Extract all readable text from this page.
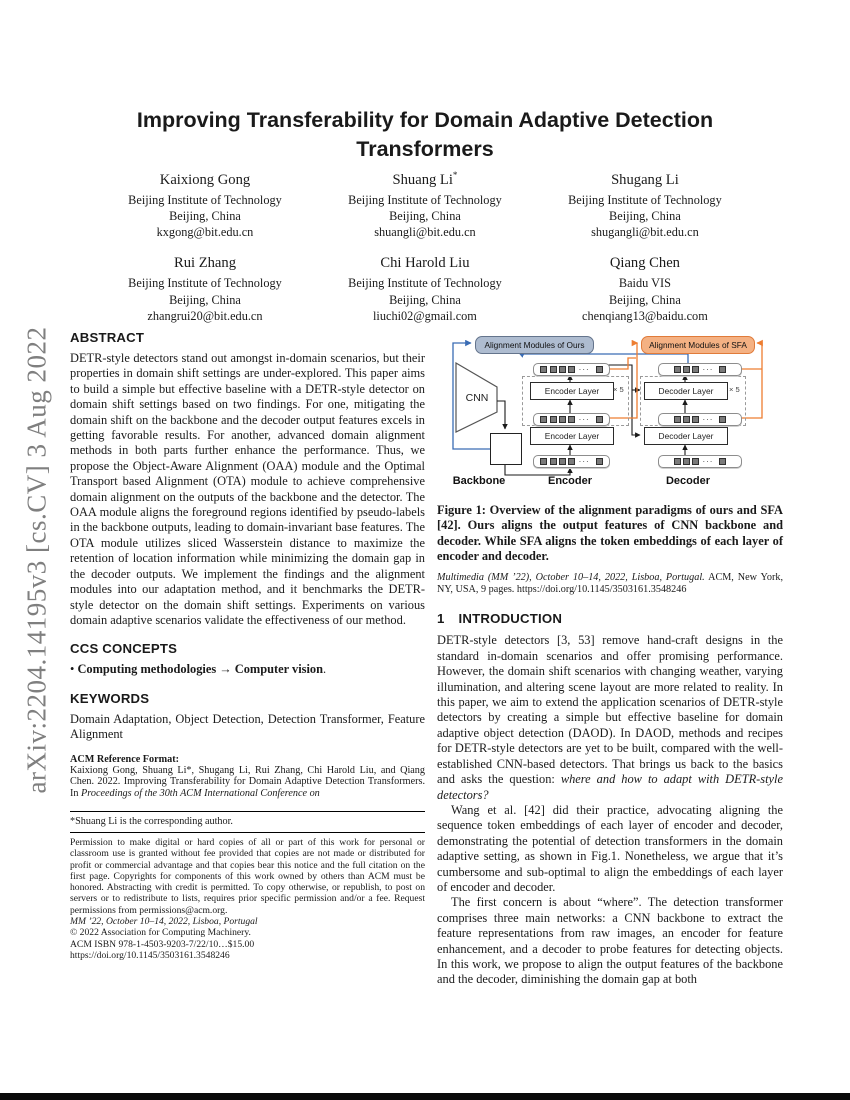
arXiv:2204.14195v3 [cs.CV] 3 Aug 2022
Improving Transferability for Domain Adaptive Detection Transformers
Kaixiong Gong
Beijing Institute of Technology
Beijing, China
kxgong@bit.edu.cn
Shuang Li*
Beijing Institute of Technology
Beijing, China
shuangli@bit.edu.cn
Shugang Li
Beijing Institute of Technology
Beijing, China
shugangli@bit.edu.cn
Rui Zhang
Beijing Institute of Technology
Beijing, China
zhangrui20@bit.edu.cn
Chi Harold Liu
Beijing Institute of Technology
Beijing, China
liuchi02@gmail.com
Qiang Chen
Baidu VIS
Beijing, China
chenqiang13@baidu.com
ABSTRACT

DETR-style detectors stand out amongst in-domain scenarios, but their properties in domain shift settings are under-explored. This paper aims to build a simple but effective baseline with a DETR-style detector on domain shift settings based on two findings. For one, mitigating the domain shift on the backbone and the decoder output features excels in getting favorable results. For another, advanced domain alignment methods in both parts further enhance the performance. Thus, we propose the Object-Aware Alignment (OAA) module and the Optimal Transport based Alignment (OTA) module to achieve comprehensive domain alignment on the outputs of the backbone and the detector. The OAA module aligns the foreground regions identified by pseudo-labels in the backbone outputs, leading to domain-invariant base features. The OTA module utilizes sliced Wasserstein distance to maximize the retention of location information while minimizing the domain gap in the decoder outputs. We implement the findings and the alignment modules into our adaptation method, and it benchmarks the DETR-style detector on the domain shift settings. Experiments on various domain adaptive scenarios validate the effectiveness of our method.

CCS CONCEPTS

• Computing methodologies → Computer vision.

KEYWORDS

Domain Adaptation, Object Detection, Detection Transformer, Feature Alignment

ACM Reference Format:

Kaixiong Gong, Shuang Li*, Shugang Li, Rui Zhang, Chi Harold Liu, and Qiang Chen. 2022. Improving Transferability for Domain Adaptive Detection Transformers. In Proceedings of the 30th ACM International Conference on

*Shuang Li is the corresponding author.

Permission to make digital or hard copies of all or part of this work for personal or classroom use is granted without fee provided that copies are not made or distributed for profit or commercial advantage and that copies bear this notice and the full citation on the first page. Copyrights for components of this work owned by others than ACM must be honored. Abstracting with credit is permitted. To copy otherwise, or republish, to post on servers or to redistribute to lists, requires prior specific permission and/or a fee. Request permissions from permissions@acm.org.

MM ’22, October 10–14, 2022, Lisboa, Portugal

© 2022 Association for Computing Machinery.

ACM ISBN 978-1-4503-9203-7/22/10…$15.00

https://doi.org/10.1145/3503161.3548246

Alignment Modules of Ours	Alignment Modules of SFA
CNN
···
···
···
···
···
···
Encoder Layer
Encoder Layer
Decoder Layer
Decoder Layer
× 5	× 5
Backbone	Encoder	Decoder

Figure 1: Overview of the alignment paradigms of ours and SFA [42]. Ours aligns the output features of CNN backbone and decoder. While SFA aligns the token embeddings of each layer of encoder and decoder.

Multimedia (MM ’22), October 10–14, 2022, Lisboa, Portugal. ACM, New York, NY, USA, 9 pages. https://doi.org/10.1145/3503161.3548246

1 INTRODUCTION

DETR-style detectors [3, 53] remove hand-craft designs in the standard in-domain scenarios and offer promising performance. However, the domain shift scenarios with changing weather, varying illumination, and altering scene layout are more related to reality. In this paper, we aim to extend the application scenarios of DETR-style detectors by creating a simple but effective baseline for domain adaptive object detection (DAOD). In DAOD, methods and recipes for DETR-style detectors are yet to be built, compared with the well-established CNN-based detectors. That brings us back to the basics and asks the question: where and how to adapt with DETR-style detectors?

Wang et al. [42] did their practice, advocating aligning the sequence token embeddings of each layer of encoder and decoder, demonstrating the potential of detection transformers in the domain adaptive setting, as shown in Fig.1. Nonetheless, we argue that it’s cumbersome and sub-optimal to align the embeddings of each layer of encoder and decoder.

The first concern is about “where”. The detection transformer comprises three main networks: a CNN backbone to extract the feature representations from raw images, an encoder for feature enhancement, and a decoder to probe features for detecting objects. In this work, we propose to align the output features of the backbone and the decoder, diminishing the domain gap at both
